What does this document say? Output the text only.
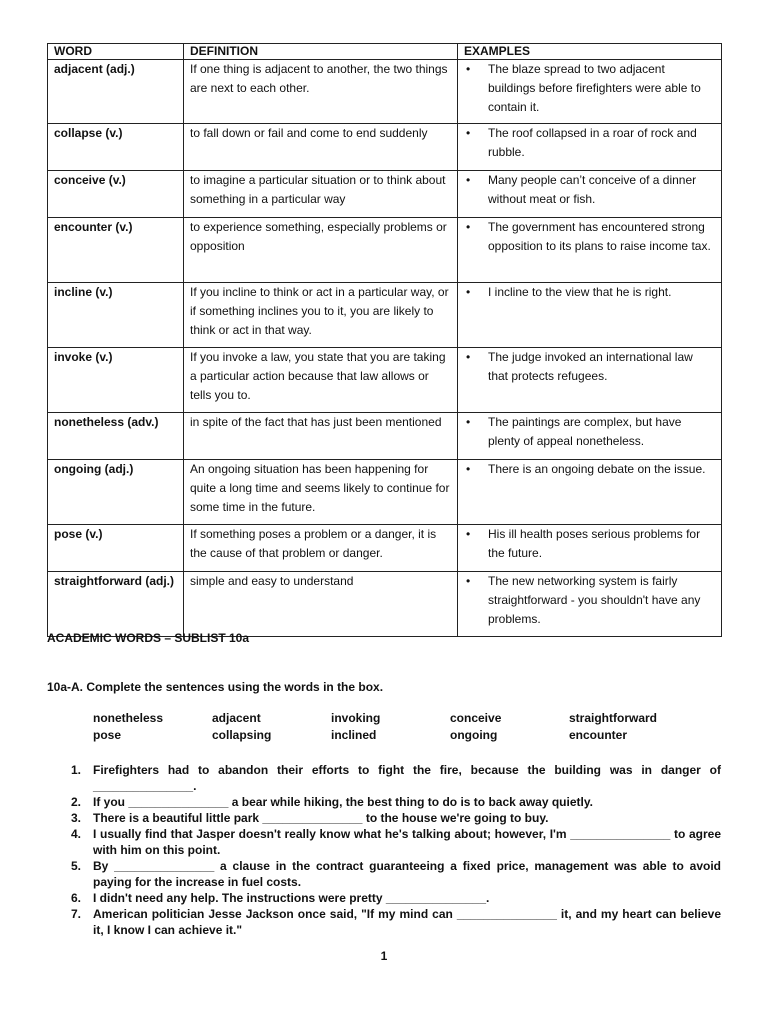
WORD	DEFINITION	EXAMPLES
adjacent (adj.)	If one thing is adjacent to another, the two things are next to each other.	• The blaze spread to two adjacent buildings before firefighters were able to contain it.

collapse (v.)	to fall down or fail and come to end suddenly	• The roof collapsed in a roar of rock and rubble.

conceive (v.)	to imagine a particular situation or to think about something in a particular way	• Many people can’t conceive of a dinner without meat or fish.

encounter (v.)	to experience something, especially problems or opposition	• The government has encountered strong opposition to its plans to raise income tax.

incline (v.)	If you incline to think or act in a particular way, or if something inclines you to it, you are likely to think or act in that way.	• I incline to the view that he is right.

invoke (v.)	If you invoke a law, you state that you are taking a particular action because that law allows or tells you to.	• The judge invoked an international law that protects refugees.

nonetheless (adv.)	in spite of the fact that has just been mentioned	• The paintings are complex, but have plenty of appeal nonetheless.

ongoing (adj.)	An ongoing situation has been happening for quite a long time and seems likely to continue for some time in the future.	• There is an ongoing debate on the issue.

pose (v.)	If something poses a problem or a danger, it is the cause of that problem or danger.	• His ill health poses serious problems for the future.

straightforward (adj.)	simple and easy to understand	• The new networking system is fairly straightforward - you shouldn't have any problems.
ACADEMIC WORDS – SUBLIST 10a
10a-A. Complete the sentences using the words in the box.
nonetheless	adjacent	invoking	conceive	straightforward
pose	collapsing	inclined	ongoing	encounter
1. Firefighters had to abandon their efforts to fight the fire, because the building was in danger of _______________.
2. If you _______________ a bear while hiking, the best thing to do is to back away quietly.
3. There is a beautiful little park _______________ to the house we're going to buy.
4. I usually find that Jasper doesn't really know what he's talking about; however, I'm _______________ to agree with him on this point.
5. By _______________ a clause in the contract guaranteeing a fixed price, management was able to avoid paying for the increase in fuel costs.
6. I didn't need any help. The instructions were pretty _______________.
7. American politician Jesse Jackson once said, "If my mind can _______________ it, and my heart can believe it, I know I can achieve it."
1
